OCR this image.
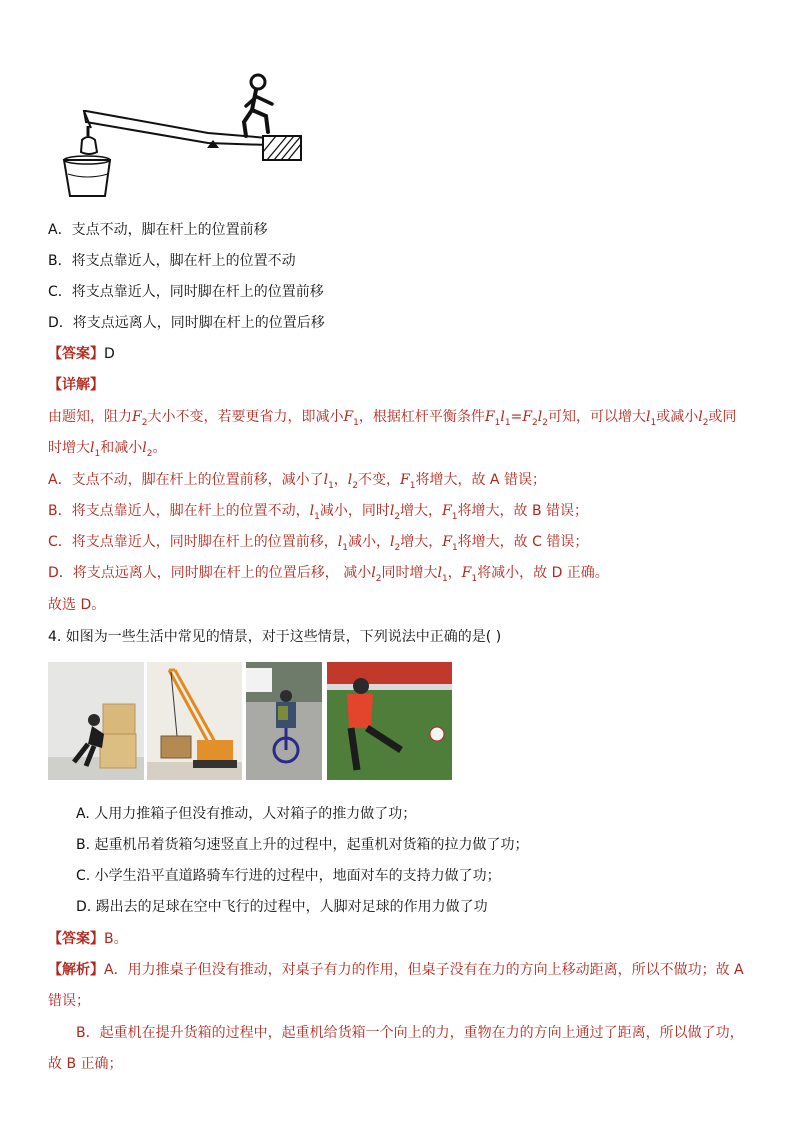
A．支点不动，脚在杆上的位置前移
B．将支点靠近人，脚在杆上的位置不动
C．将支点靠近人，同时脚在杆上的位置前移
D．将支点远离人，同时脚在杆上的位置后移
【答案】D
【详解】
由题知，阻力$F_2$大小不变，若要更省力，即减小$F_1$，根据杠杆平衡条件$F_1l_1=F_2l_2$可知，可以增大$l_1$或减小$l_2$或同
时增大$l_1$和减小$l_2$。
A．支点不动，脚在杆上的位置前移，减小了$l_1$，$l_2$不变，$F_1$将增大，故 A 错误；
B．将支点靠近人，脚在杆上的位置不动，$l_1$减小，同时$l_2$增大，$F_1$将增大，故 B 错误；
C．将支点靠近人，同时脚在杆上的位置前移，$l_1$减小，$l_2$增大，$F_1$将增大，故 C 错误；
D．将支点远离人，同时脚在杆上的位置后移， 减小$l_2$同时增大$l_1$，$F_1$将减小，故 D 正确。
故选 D。
4. 如图为一些生活中常见的情景，对于这些情景，下列说法中正确的是( )
A. 人用力推箱子但没有推动，人对箱子的推力做了功；
B. 起重机吊着货箱匀速竖直上升的过程中，起重机对货箱的拉力做了功；
C. 小学生沿平直道路骑车行进的过程中，地面对车的支持力做了功；
D. 踢出去的足球在空中飞行的过程中，人脚对足球的作用力做了功
【答案】B。
【解析】A．用力推桌子但没有推动，对桌子有力的作用，但桌子没有在力的方向上移动距离，所以不做功；故 A
错误；
B．起重机在提升货箱的过程中，起重机给货箱一个向上的力，重物在力的方向上通过了距离，所以做了功，
故 B 正确；
